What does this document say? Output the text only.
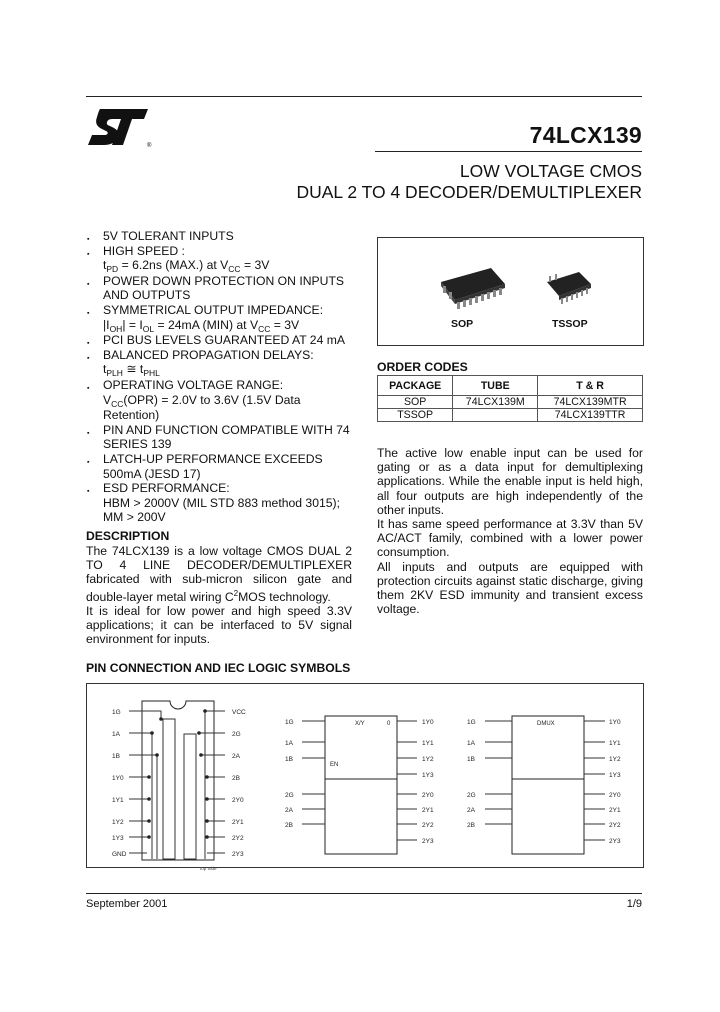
®	74LCX139
LOW VOLTAGE CMOS
DUAL 2 TO 4 DECODER/DEMULTIPLEXER
▪ 5V TOLERANT INPUTS
▪ HIGH SPEED :
$t_{PD} = 6.2ns$ (MAX.) at $V_{CC} = 3V$
▪ POWER DOWN PROTECTION ON INPUTS AND OUTPUTS
▪ SYMMETRICAL OUTPUT IMPEDANCE:
$|I_{OH}| = I_{OL} = 24mA$ (MIN) at $V_{CC} = 3V$
▪ PCI BUS LEVELS GUARANTEED AT 24 mA
▪ BALANCED PROPAGATION DELAYS:
$t_{PLH}$ ≅ $t_{PHL}$
▪ OPERATING VOLTAGE RANGE:
$V_{CC}(OPR) = 2.0V$ to 3.6V (1.5V Data Retention)
▪ PIN AND FUNCTION COMPATIBLE WITH 74 SERIES 139
▪ LATCH-UP PERFORMANCE EXCEEDS 500mA (JESD 17)
▪ ESD PERFORMANCE:
HBM > 2000V (MIL STD 883 method 3015); MM > 200V
DESCRIPTION
The 74LCX139 is a low voltage CMOS DUAL 2 TO 4 LINE DECODER/DEMULTIPLEXER fabricated with sub-micron silicon gate and double-layer metal wiring $C^2MOS$ technology.
It is ideal for low power and high speed 3.3V applications; it can be interfaced to 5V signal environment for inputs.
SOP	TSSOP
ORDER CODES
PACKAGE	TUBE	T & R
SOP	74LCX139M	74LCX139MTR
TSSOP		74LCX139TTR
The active low enable input can be used for gating or as a data input for demultiplexing applications. While the enable input is held high, all four outputs are high independently of the other inputs.
It has same speed performance at 3.3V than 5V AC/ACT family, combined with a lower power consumption.
All inputs and outputs are equipped with protection circuits against static discharge, giving them 2KV ESD immunity and transient excess voltage.
PIN CONNECTION AND IEC LOGIC SYMBOLS
1G
1A
1B
1Y0
1Y1
1Y2
1Y3
GND
VCC
2G
2A
2B
2Y0
2Y1
2Y2
2Y3
Top Side
X/Y	0
EN
1G
1A
1B
2G
2A
2B
1Y0
1Y1
1Y2
1Y3
2Y0
2Y1
2Y2
2Y3
DMUX
1G
1A
1B
2G
2A
2B
1Y0
1Y1
1Y2
1Y3
2Y0
2Y1
2Y2
2Y3
September 2001	1/9
